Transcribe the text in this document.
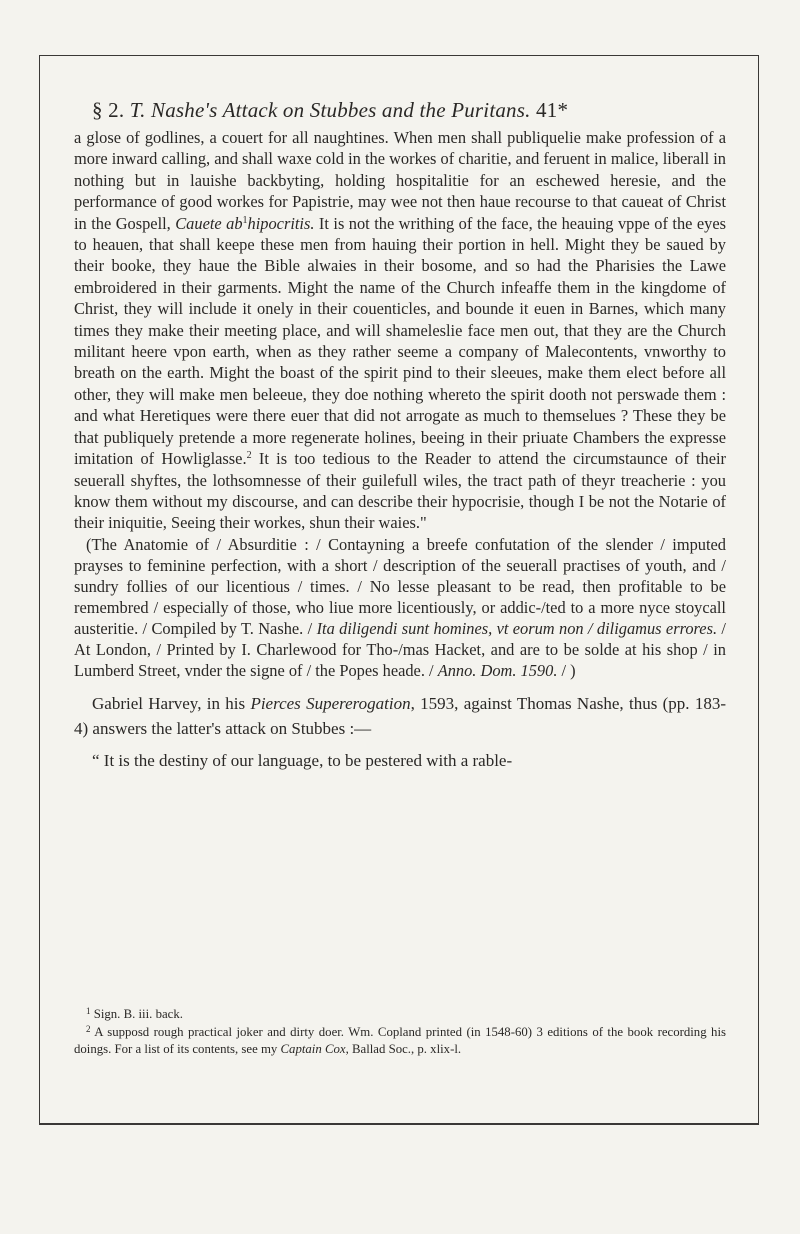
§ 2. T. Nashe's Attack on Stubbes and the Puritans. 41*

a glose of godlines, a couert for all naughtines. When men shall publiquelie make profession of a more inward calling, and shall waxe cold in the workes of charitie, and feruent in malice, liberall in nothing but in lauishe backbyting, holding hospitalitie for an eschewed heresie, and the performance of good workes for Papistrie, may wee not then haue recourse to that caueat of Christ in the Gospell, Cauete $ab^1hipocritis$. It is not the writhing of the face, the heauing vppe of the eyes to heauen, that shall keepe these men from hauing their portion in hell. Might they be saued by their booke, they haue the Bible alwaies in their bosome, and so had the Pharisies the Lawe embroidered in their garments. Might the name of the Church infeaffe them in the kingdome of Christ, they will include it onely in their couenticles, and bounde it euen in Barnes, which many times they make their meeting place, and will shameleslie face men out, that they are the Church militant heere vpon earth, when as they rather seeme a company of Malecontents, vnworthy to breath on the earth. Might the boast of the spirit pind to their sleeues, make them elect before all other, they will make men beleeue, they doe nothing whereto the spirit dooth not perswade them : and what Heretiques were there euer that did not arrogate as much to themselues ? These they be that publiquely pretende a more regenerate holines, beeing in their priuate Chambers the expresse imitation of Howliglasse.$^2$ It is too tedious to the Reader to attend the circumstaunce of their seuerall shyftes, the lothsomnesse of their guilefull wiles, the tract path of theyr treacherie : you know them without my discourse, and can describe their hypocrisie, though I be not the Notarie of their iniquitie, Seeing their workes, shun their waies."

(The Anatomie of / Absurditie : / Contayning a breefe confutation of the slender / imputed prayses to feminine perfection, with a short / description of the seuerall practises of youth, and / sundry follies of our licentious / times. / No lesse pleasant to be read, then profitable to be remembred / especially of those, who liue more licentiously, or addic-/ted to a more nyce stoycall austeritie. / Compiled by T. Nashe. / Ita diligendi sunt homines, vt eorum non / diligamus errores. / At London, / Printed by I. Charlewood for Tho-/mas Hacket, and are to be solde at his shop / in Lumberd Street, vnder the signe of / the Popes heade. / Anno. Dom. 1590. / )

Gabriel Harvey, in his Pierces Supererogation, 1593, against Thomas Nashe, thus (pp. 183-4) answers the latter's attack on Stubbes :—

“ It is the destiny of our language, to be pestered with a rable-

$^1$ Sign. B. iii. back.

$^2$ A supposd rough practical joker and dirty doer. Wm. Copland printed (in 1548-60) 3 editions of the book recording his doings. For a list of its contents, see my Captain Cox, Ballad Soc., p. xlix-l.
